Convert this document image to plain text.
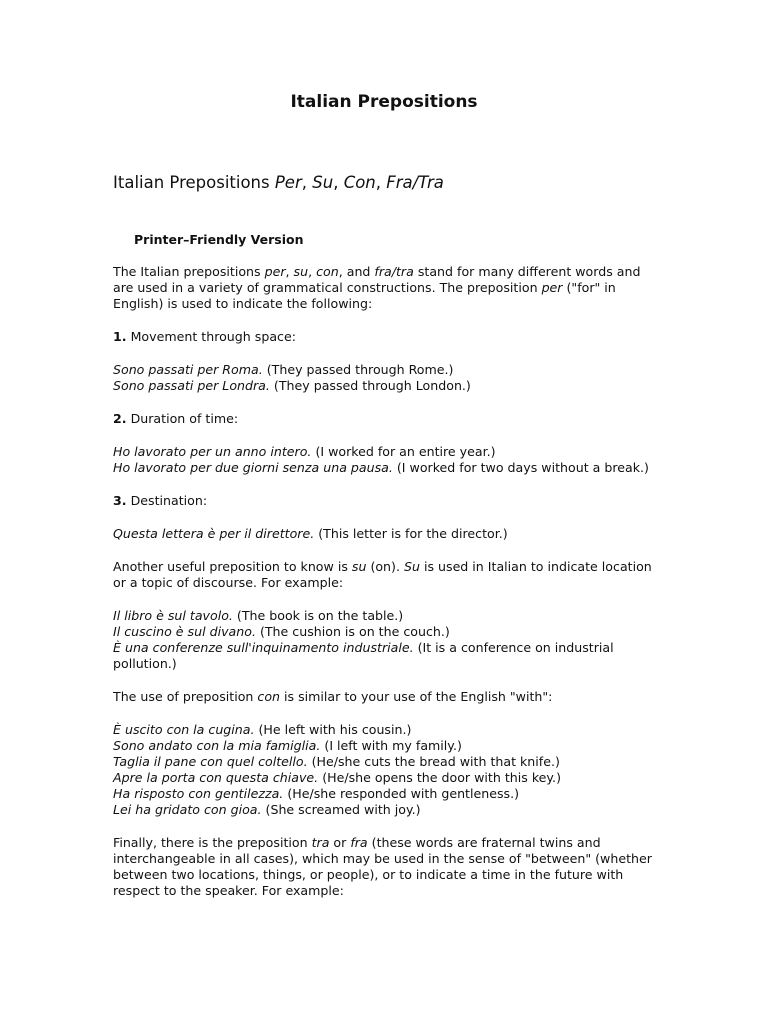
Italian Prepositions
Italian Prepositions Per, Su, Con, Fra/Tra
Printer–Friendly Version

The Italian prepositions per, su, con, and fra/tra stand for many different words and are used in a variety of grammatical constructions. The preposition per ("for" in English) is used to indicate the following:

1. Movement through space:

Sono passati per Roma. (They passed through Rome.)

Sono passati per Londra. (They passed through London.)

2. Duration of time:

Ho lavorato per un anno intero. (I worked for an entire year.)

Ho lavorato per due giorni senza una pausa. (I worked for two days without a break.)

3. Destination:

Questa lettera è per il direttore. (This letter is for the director.)

Another useful preposition to know is su (on). Su is used in Italian to indicate location or a topic of discourse. For example:

Il libro è sul tavolo. (The book is on the table.)

Il cuscino è sul divano. (The cushion is on the couch.)

È una conferenze sull'inquinamento industriale. (It is a conference on industrial pollution.)

The use of preposition con is similar to your use of the English "with":

È uscito con la cugina. (He left with his cousin.)

Sono andato con la mia famiglia. (I left with my family.)

Taglia il pane con quel coltello. (He/she cuts the bread with that knife.)

Apre la porta con questa chiave. (He/she opens the door with this key.)

Ha risposto con gentilezza. (He/she responded with gentleness.)

Lei ha gridato con gioa. (She screamed with joy.)

Finally, there is the preposition tra or fra (these words are fraternal twins and interchangeable in all cases), which may be used in the sense of "between" (whether between two locations, things, or people), or to indicate a time in the future with respect to the speaker. For example:
